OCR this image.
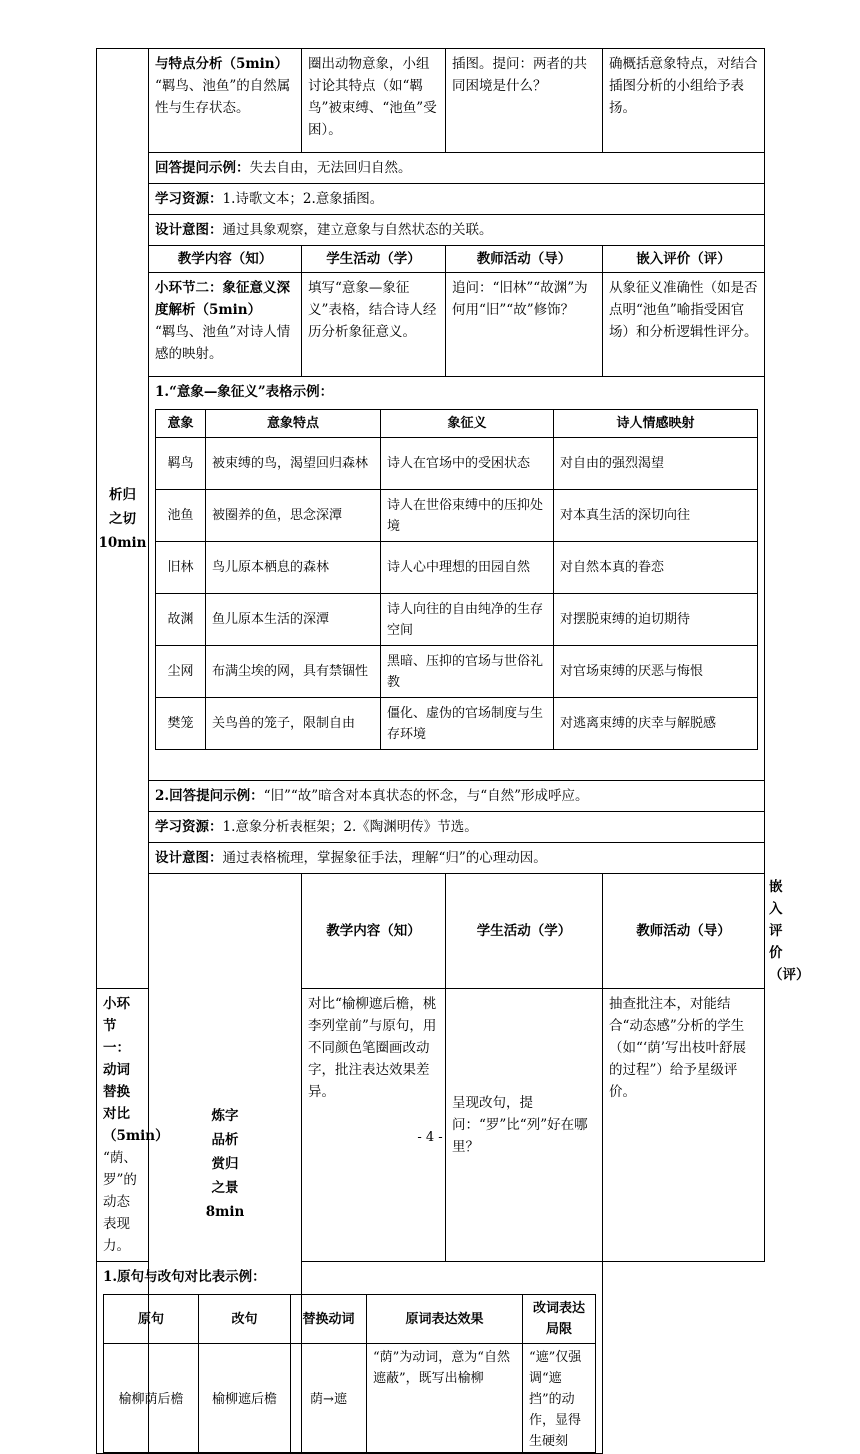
析归
之切
10min

与特点分析（5min）
“羁鸟、池鱼”的自然属性与生存状态。
	圈出动物意象，小组讨论其特点（如“羁鸟”被束缚、“池鱼”受困）。	插图。提问：两者的共同困境是什么？	确概括意象特点，对结合插图分析的小组给予表扬。
回答提问示例：失去自由，无法回归自然。
学习资源：1.诗歌文本；2.意象插图。
设计意图：通过具象观察，建立意象与自然状态的关联。
教学内容（知）	学生活动（学）	教师活动（导）	嵌入评价（评）

小环节二：象征意义深度解析（5min）
“羁鸟、池鱼”对诗人情感的映射。
	填写“意象—象征义”表格，结合诗人经历分析象征意义。	追问：“旧林”“故渊”为何用“旧”“故”修饰？	从象征义准确性（如是否点明“池鱼”喻指受困官场）和分析逻辑性评分。

1.“意象—象征义”表格示例：
意象	意象特点	象征义	诗人情感映射
羁鸟	被束缚的鸟，渴望回归森林	诗人在官场中的受困状态	对自由的强烈渴望
池鱼	被圈养的鱼，思念深潭	诗人在世俗束缚中的压抑处境	对本真生活的深切向往
旧林	鸟儿原本栖息的森林	诗人心中理想的田园自然	对自然本真的眷恋
故渊	鱼儿原本生活的深潭	诗人向往的自由纯净的生存空间	对摆脱束缚的迫切期待
尘网	布满尘埃的网，具有禁锢性	黑暗、压抑的官场与世俗礼教	对官场束缚的厌恶与悔恨
樊笼	关鸟兽的笼子，限制自由	僵化、虚伪的官场制度与生存环境	对逃离束缚的庆幸与解脱感

2.回答提问示例：“旧”“故”暗含对本真状态的怀念，与“自然”形成呼应。
学习资源：1.意象分析表框架；2.《陶渊明传》节选。
设计意图：通过表格梳理，掌握象征手法，理解“归”的心理动因。

炼字
品析
赏归
之景
8min
	教学内容（知）	学生活动（学）	教师活动（导）	嵌入评价（评）

小环节一：动词替换对比（5min）
“荫、罗”的动态表现力。
	对比“榆柳遮后檐，桃李列堂前”与原句，用不同颜色笔圈画改动字，批注表达效果差异。	呈现改句，提问：“罗”比“列”好在哪里？	抽查批注本，对能结合“动态感”分析的学生（如“‘荫’写出枝叶舒展的过程”）给予星级评价。

1.原句与改句对比表示例：
原句	改句	替换动词	原词表达效果	改词表达局限
榆柳荫后檐	榆柳遮后檐	荫→遮	“荫”为动词，意为“自然遮蔽”，既写出榆柳	“遮”仅强调“遮挡”的动作，显得生硬刻
- 4 -
